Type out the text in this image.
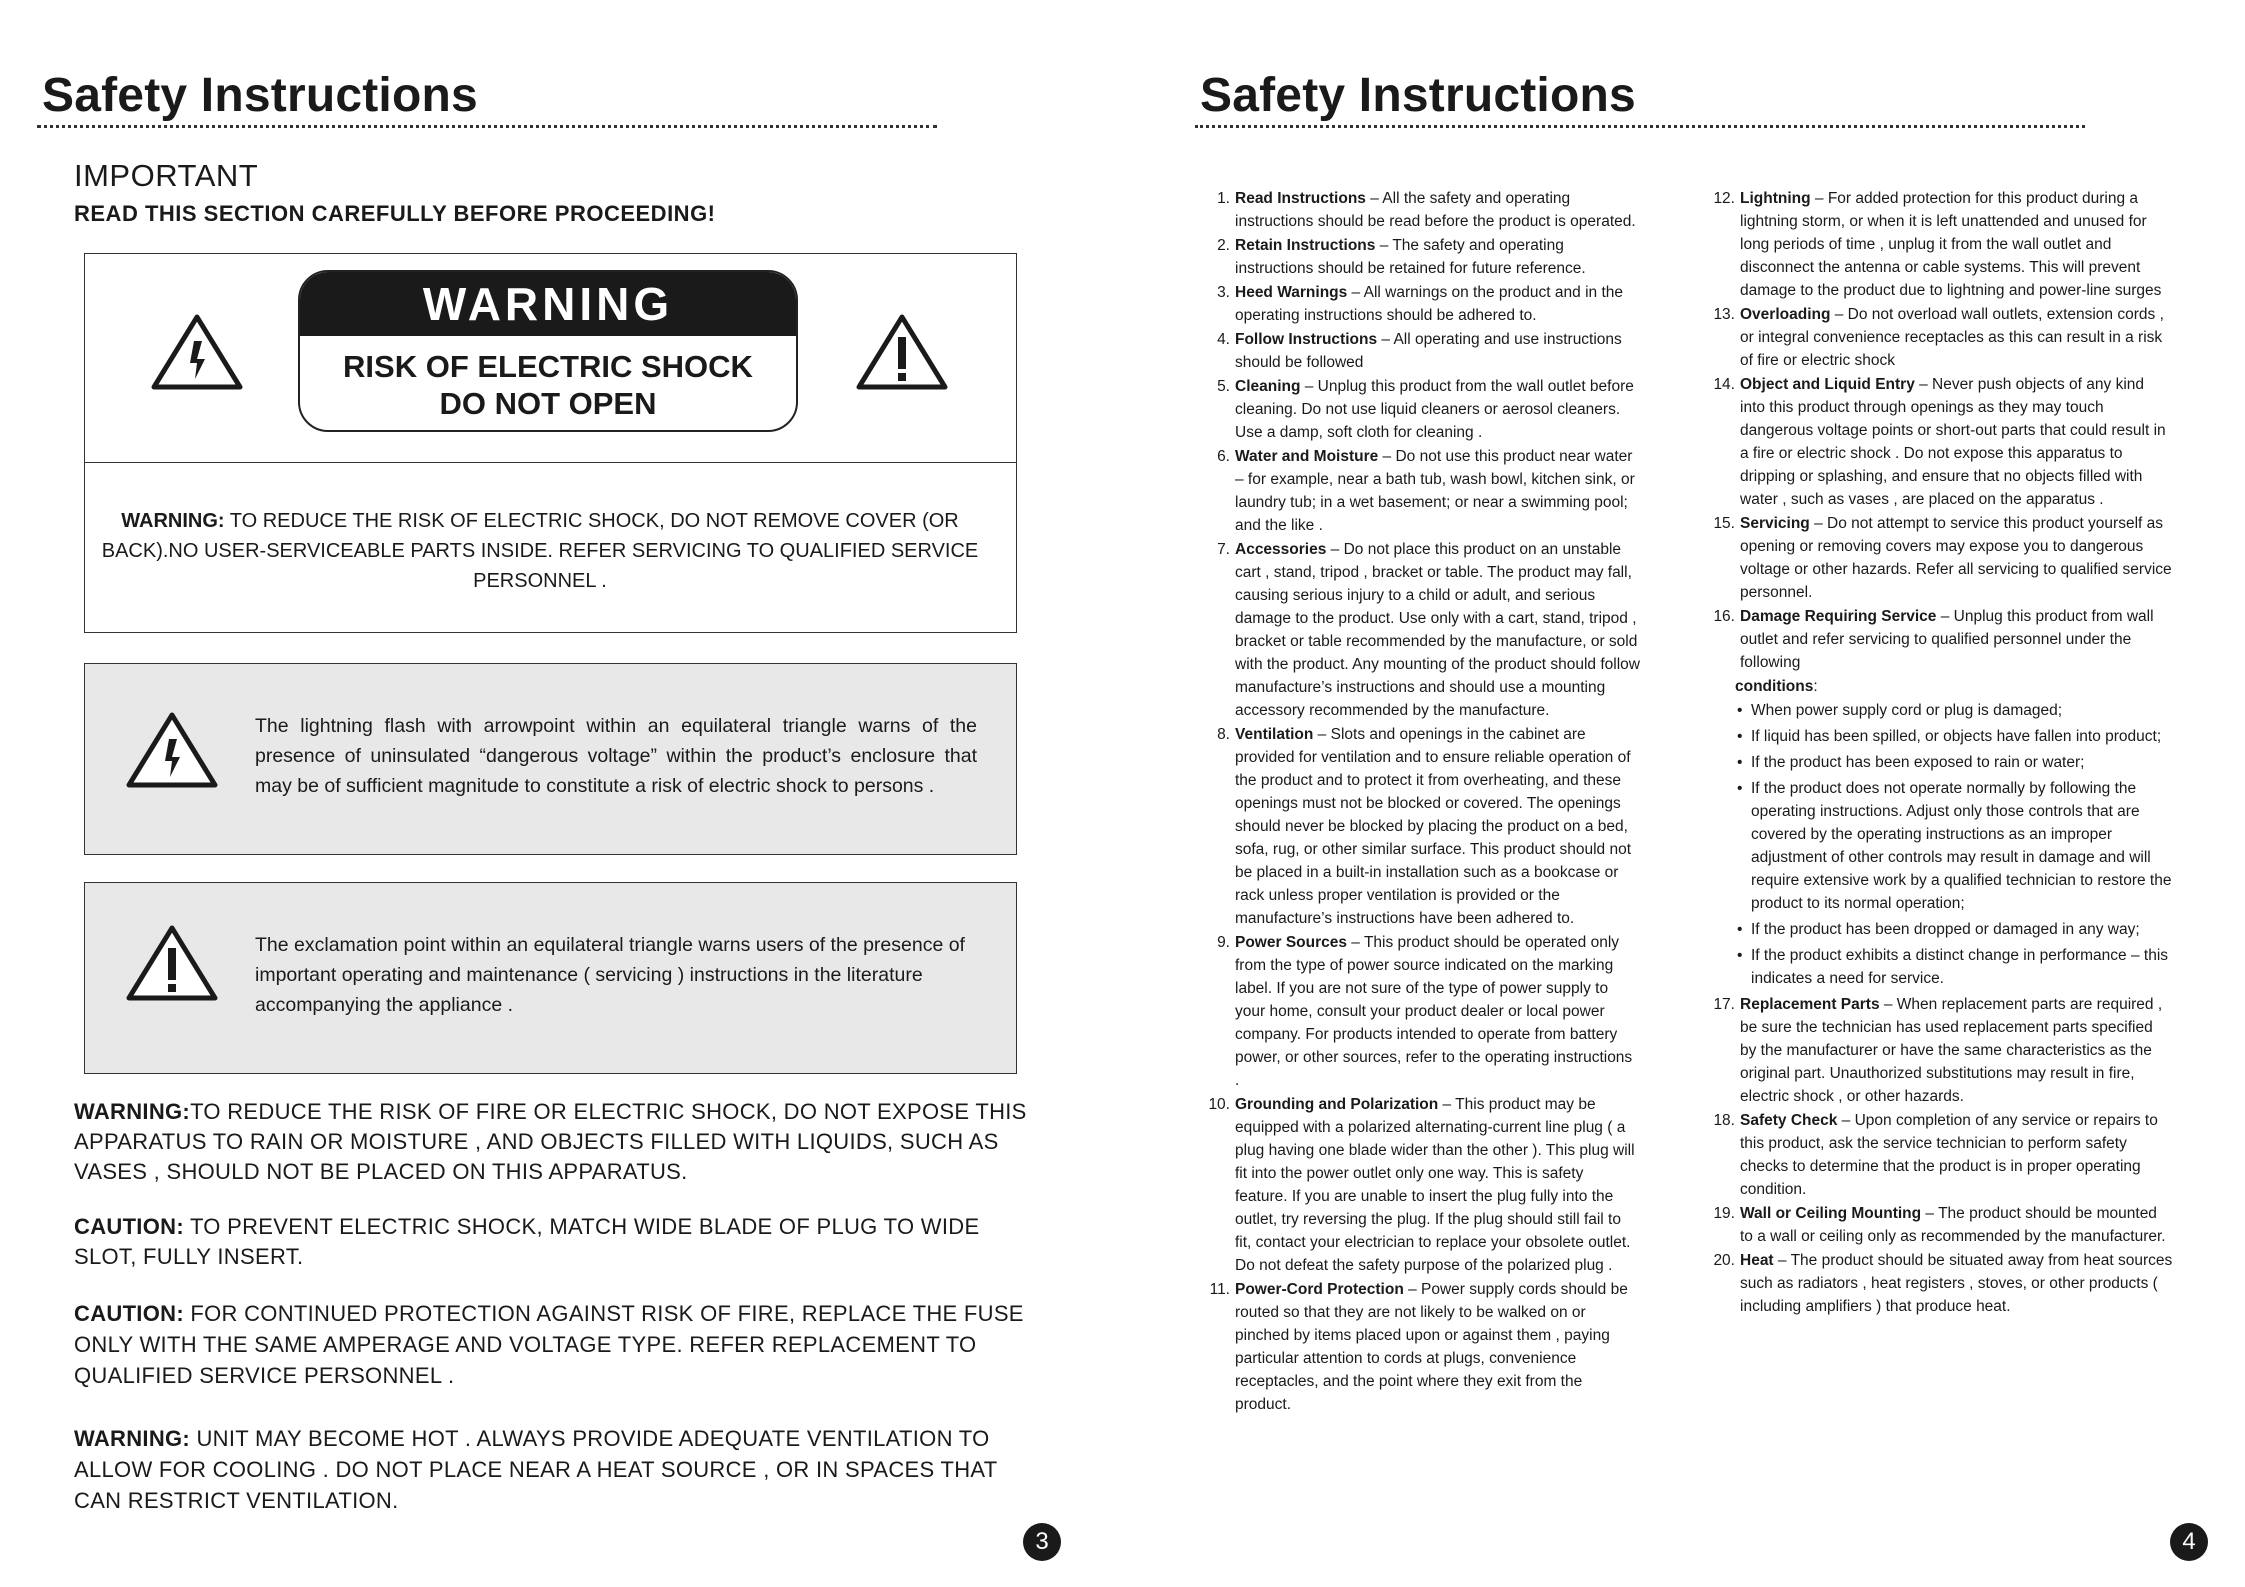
Safety Instructions
IMPORTANT
READ THIS SECTION CAREFULLY BEFORE PROCEEDING!
WARNING
RISK OF ELECTRIC SHOCK
DO NOT OPEN
WARNING: TO REDUCE THE RISK OF ELECTRIC SHOCK, DO NOT REMOVE COVER (OR BACK).NO USER-SERVICEABLE PARTS INSIDE. REFER SERVICING TO QUALIFIED SERVICE PERSONNEL .
The lightning flash with arrowpoint within an equilateral triangle warns of the presence of uninsulated “dangerous voltage” within the product’s enclosure that may be of sufficient magnitude to constitute a risk of electric shock to persons .
The exclamation point within an equilateral triangle warns users of the presence of important operating and maintenance ( servicing ) instructions in the literature accompanying the appliance .
WARNING:TO REDUCE THE RISK OF FIRE OR ELECTRIC SHOCK, DO NOT EXPOSE THIS APPARATUS TO RAIN OR MOISTURE , AND OBJECTS FILLED WITH LIQUIDS, SUCH AS VASES , SHOULD NOT BE PLACED ON THIS APPARATUS.
CAUTION: TO PREVENT ELECTRIC SHOCK, MATCH WIDE BLADE OF PLUG TO WIDE SLOT, FULLY INSERT.
CAUTION: FOR CONTINUED PROTECTION AGAINST RISK OF FIRE, REPLACE THE FUSE ONLY WITH THE SAME AMPERAGE AND VOLTAGE TYPE. REFER REPLACEMENT TO QUALIFIED SERVICE PERSONNEL .
WARNING: UNIT MAY BECOME HOT . ALWAYS PROVIDE ADEQUATE VENTILATION TO ALLOW FOR COOLING . DO NOT PLACE NEAR A HEAT SOURCE , OR IN SPACES THAT CAN RESTRICT VENTILATION.
3
Safety Instructions
1. Read Instructions – All the safety and operating instructions should be read before the product is operated.
2. Retain Instructions – The safety and operating instructions should be retained for future reference.
3. Heed Warnings – All warnings on the product and in the operating instructions should be adhered to.
4. Follow Instructions – All operating and use instructions should be followed
5. Cleaning – Unplug this product from the wall outlet before cleaning. Do not use liquid cleaners or aerosol cleaners. Use a damp, soft cloth for cleaning .
6. Water and Moisture – Do not use this product near water – for example, near a bath tub, wash bowl, kitchen sink, or laundry tub; in a wet basement; or near a swimming pool; and the like .
7. Accessories – Do not place this product on an unstable cart , stand, tripod , bracket or table. The product may fall, causing serious injury to a child or adult, and serious damage to the product. Use only with a cart, stand, tripod , bracket or table recommended by the manufacture, or sold with the product. Any mounting of the product should follow manufacture’s instructions and should use a mounting accessory recommended by the manufacture.
8. Ventilation – Slots and openings in the cabinet are provided for ventilation and to ensure reliable operation of the product and to protect it from overheating, and these openings must not be blocked or covered. The openings should never be blocked by placing the product on a bed, sofa, rug, or other similar surface. This product should not be placed in a built-in installation such as a bookcase or rack unless proper ventilation is provided or the manufacture’s instructions have been adhered to.
9. Power Sources – This product should be operated only from the type of power source indicated on the marking label. If you are not sure of the type of power supply to your home, consult your product dealer or local power company. For products intended to operate from battery power, or other sources, refer to the operating instructions .
10. Grounding and Polarization – This product may be equipped with a polarized alternating-current line plug ( a plug having one blade wider than the other ). This plug will fit into the power outlet only one way. This is safety feature. If you are unable to insert the plug fully into the outlet, try reversing the plug. If the plug should still fail to fit, contact your electrician to replace your obsolete outlet. Do not defeat the safety purpose of the polarized plug .
11. Power-Cord Protection – Power supply cords should be routed so that they are not likely to be walked on or pinched by items placed upon or against them , paying particular attention to cords at plugs, convenience receptacles, and the point where they exit from the product.
12. Lightning – For added protection for this product during a lightning storm, or when it is left unattended and unused for long periods of time , unplug it from the wall outlet and disconnect the antenna or cable systems. This will prevent damage to the product due to lightning and power-line surges
13. Overloading – Do not overload wall outlets, extension cords , or integral convenience receptacles as this can result in a risk of fire or electric shock
14. Object and Liquid Entry – Never push objects of any kind into this product through openings as they may touch dangerous voltage points or short-out parts that could result in a fire or electric shock . Do not expose this apparatus to dripping or splashing, and ensure that no objects filled with water , such as vases , are placed on the apparatus .
15. Servicing – Do not attempt to service this product yourself as opening or removing covers may expose you to dangerous voltage or other hazards. Refer all servicing to qualified service personnel.
16. Damage Requiring Service – Unplug this product from wall outlet and refer servicing to qualified personnel under the following
conditions:
• When power supply cord or plug is damaged;
• If liquid has been spilled, or objects have fallen into product;
• If the product has been exposed to rain or water;
• If the product does not operate normally by following the operating instructions. Adjust only those controls that are covered by the operating instructions as an improper adjustment of other controls may result in damage and will require extensive work by a qualified technician to restore the product to its normal operation;
• If the product has been dropped or damaged in any way;
• If the product exhibits a distinct change in performance – this indicates a need for service.
17. Replacement Parts – When replacement parts are required , be sure the technician has used replacement parts specified by the manufacturer or have the same characteristics as the original part. Unauthorized substitutions may result in fire, electric shock , or other hazards.
18. Safety Check – Upon completion of any service or repairs to this product, ask the service technician to perform safety checks to determine that the product is in proper operating condition.
19. Wall or Ceiling Mounting – The product should be mounted to a wall or ceiling only as recommended by the manufacturer.
20. Heat – The product should be situated away from heat sources such as radiators , heat registers , stoves, or other products ( including amplifiers ) that produce heat.
4
